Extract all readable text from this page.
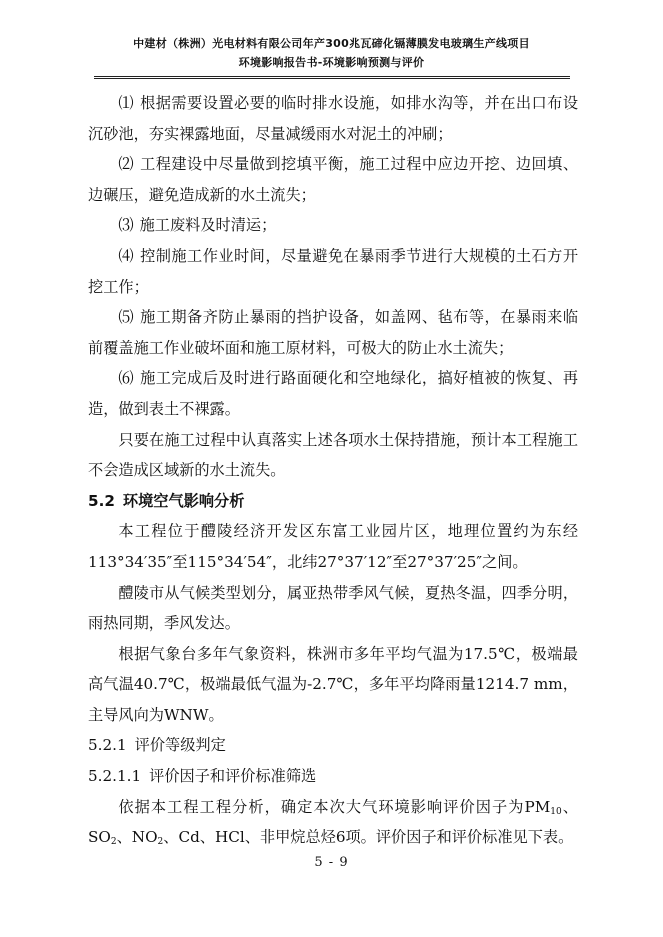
中建材（株洲）光电材料有限公司年产300兆瓦碲化镉薄膜发电玻璃生产线项目
环境影响报告书-环境影响预测与评价

⑴ 根据需要设置必要的临时排水设施，如排水沟等，并在出口布设沉砂池，夯实裸露地面，尽量减缓雨水对泥土的冲刷；

⑵ 工程建设中尽量做到挖填平衡，施工过程中应边开挖、边回填、边碾压，避免造成新的水土流失；

⑶ 施工废料及时清运；

⑷ 控制施工作业时间，尽量避免在暴雨季节进行大规模的土石方开挖工作；

⑸ 施工期备齐防止暴雨的挡护设备，如盖网、毡布等，在暴雨来临前覆盖施工作业破坏面和施工原材料，可极大的防止水土流失；

⑹ 施工完成后及时进行路面硬化和空地绿化，搞好植被的恢复、再造，做到表土不裸露。

只要在施工过程中认真落实上述各项水土保持措施，预计本工程施工不会造成区域新的水土流失。

5.2 环境空气影响分析

本工程位于醴陵经济开发区东富工业园片区，地理位置约为东经113°34′35″至115°34′54″，北纬27°37′12″至27°37′25″之间。

醴陵市从气候类型划分，属亚热带季风气候，夏热冬温，四季分明，雨热同期，季风发达。

根据气象台多年气象资料，株洲市多年平均气温为17.5℃，极端最高气温40.7℃，极端最低气温为-2.7℃，多年平均降雨量1214.7 mm，主导风向为WNW。

5.2.1 评价等级判定
5.2.1.1 评价因子和评价标准筛选

依据本工程工程分析，确定本次大气环境影响评价因子为$PM_{10}$、$SO_2$、$NO_2$、Cd、HCl、非甲烷总烃6项。评价因子和评价标准见下表。

5 - 9
